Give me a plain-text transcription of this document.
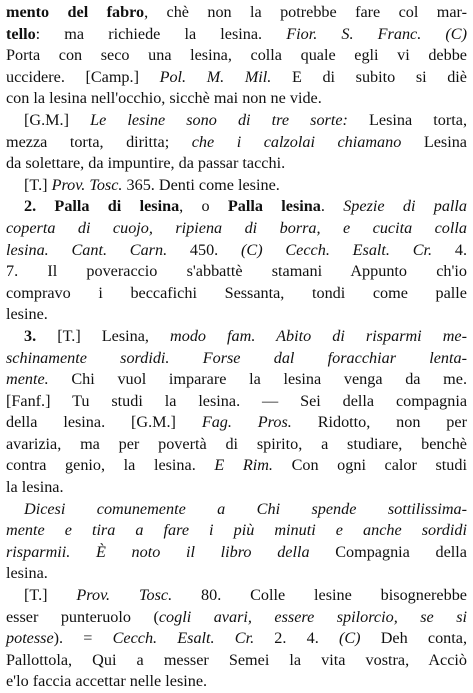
mento del fabro, chè non la potrebbe fare col mar-
tello: ma richiede la lesina. Fior. S. Franc. (C)
Porta con seco una lesina, colla quale egli vi debbe
uccidere. [Camp.] Pol. M. Mil. E di subito si diè
con la lesina nell'occhio, sicchè mai non ne vide.
[G.M.] Le lesine sono di tre sorte: Lesina torta,
mezza torta, diritta; che i calzolai chiamano Lesina
da solettare, da impuntire, da passar tacchi.
[T.] Prov. Tosc. 365. Denti come lesine.
2. Palla di lesina, o Palla lesina. Spezie di palla
coperta di cuojo, ripiena di borra, e cucita colla
lesina. Cant. Carn. 450. (C) Cecch. Esalt. Cr. 4.
7. Il poveraccio s'abbattè stamani Appunto ch'io
compravo i beccafichi Sessanta, tondi come palle
lesine.
3. [T.] Lesina, modo fam. Abito di risparmi me-
schinamente sordidi. Forse dal foracchiar lenta-
mente. Chi vuol imparare la lesina venga da me.
[Fanf.] Tu studi la lesina. — Sei della compagnia
della lesina. [G.M.] Fag. Pros. Ridotto, non per
avarizia, ma per povertà di spirito, a studiare, benchè
contra genio, la lesina. E Rim. Con ogni calor studi
la lesina.
Dicesi comunemente a Chi spende sottilissima-
mente e tira a fare i più minuti e anche sordidi
risparmii. È noto il libro della Compagnia della
lesina.
[T.] Prov. Tosc. 80. Colle lesine bisognerebbe
esser punteruolo (cogli avari, essere spilorcio, se si
potesse). = Cecch. Esalt. Cr. 2. 4. (C) Deh conta,
Pallottola, Qui a messer Semei la vita vostra, Acciò
e'lo faccia accettar nelle lesine.
